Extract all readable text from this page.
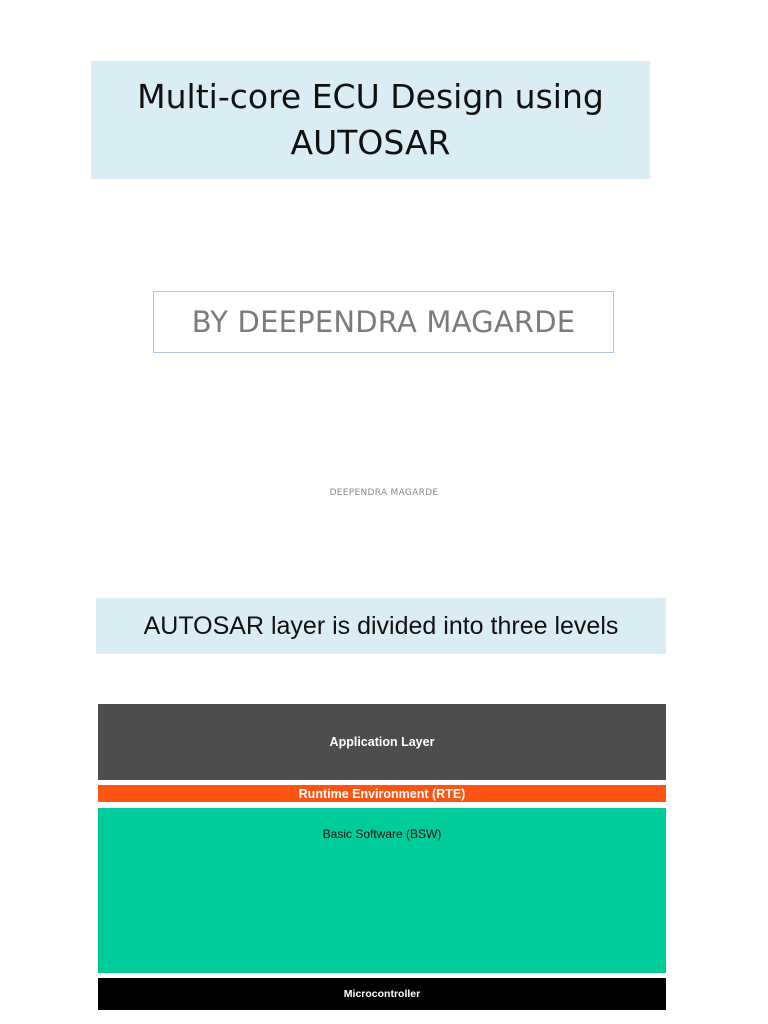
Multi-core ECU Design using AUTOSAR
BY DEEPENDRA MAGARDE
DEEPENDRA MAGARDE
AUTOSAR layer is divided into three levels
Application Layer
Runtime Environment (RTE)
Basic Software (BSW)
Microcontroller
